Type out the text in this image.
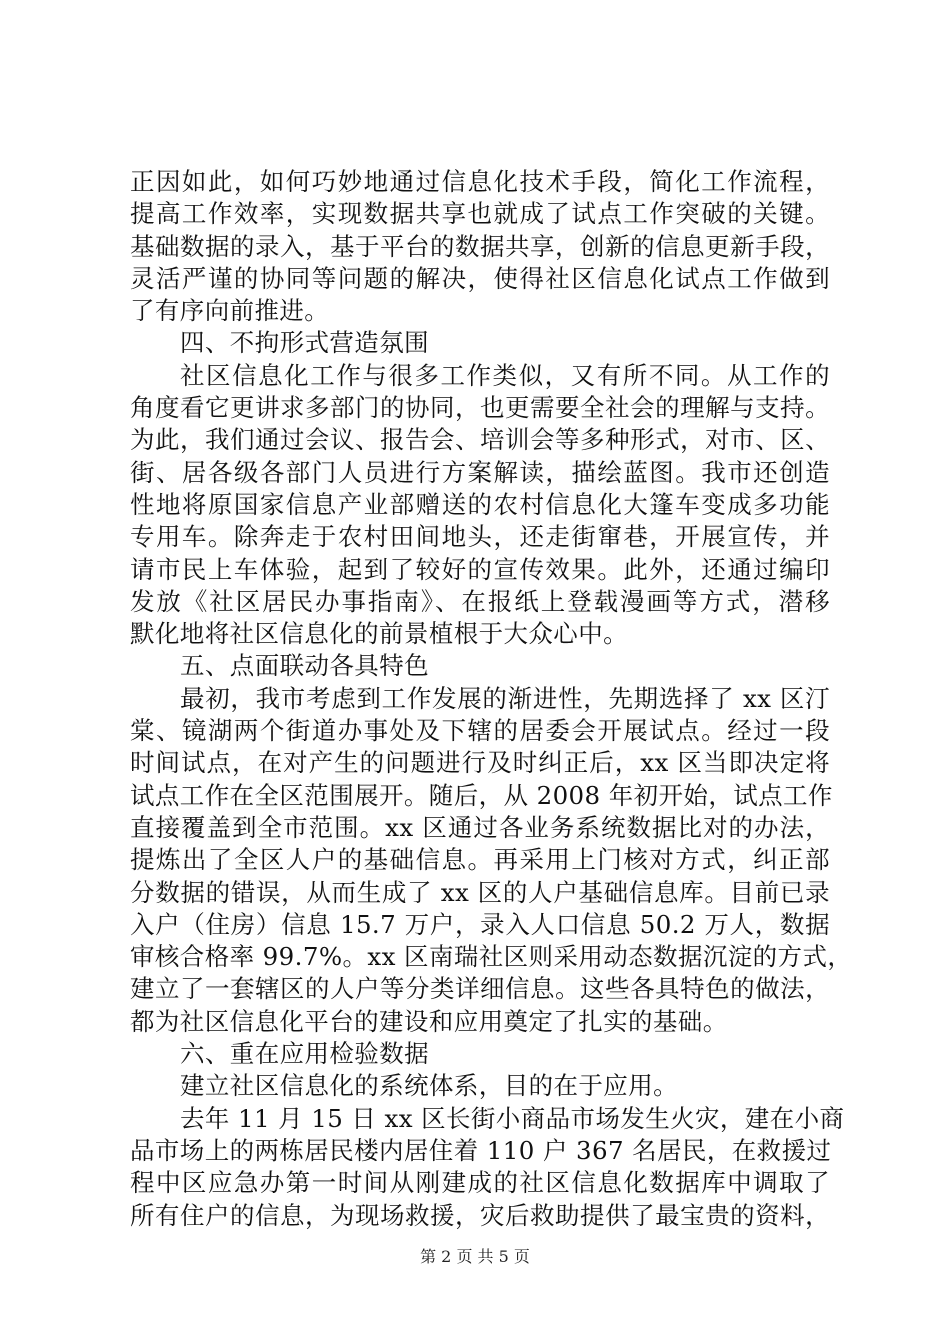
正因如此，如何巧妙地通过信息化技术手段，简化工作流程，
提高工作效率，实现数据共享也就成了试点工作突破的关键。
基础数据的录入，基于平台的数据共享，创新的信息更新手段，
灵活严谨的协同等问题的解决，使得社区信息化试点工作做到
了有序向前推进。
四、不拘形式营造氛围
社区信息化工作与很多工作类似，又有所不同。从工作的
角度看它更讲求多部门的协同，也更需要全社会的理解与支持。
为此，我们通过会议、报告会、培训会等多种形式，对市、区、
街、居各级各部门人员进行方案解读，描绘蓝图。我市还创造
性地将原国家信息产业部赠送的农村信息化大篷车变成多功能
专用车。除奔走于农村田间地头，还走街窜巷，开展宣传，并
请市民上车体验，起到了较好的宣传效果。此外，还通过编印
发放《社区居民办事指南》、在报纸上登载漫画等方式，潜移
默化地将社区信息化的前景植根于大众心中。
五、点面联动各具特色
最初，我市考虑到工作发展的渐进性，先期选择了 xx 区汀
棠、镜湖两个街道办事处及下辖的居委会开展试点。经过一段
时间试点，在对产生的问题进行及时纠正后，xx 区当即决定将
试点工作在全区范围展开。随后，从 2008 年初开始，试点工作
直接覆盖到全市范围。xx 区通过各业务系统数据比对的办法，
提炼出了全区人户的基础信息。再采用上门核对方式，纠正部
分数据的错误，从而生成了 xx 区的人户基础信息库。目前已录
入户（住房）信息 15.7 万户，录入人口信息 50.2 万人，数据
审核合格率 99.7%。xx 区南瑞社区则采用动态数据沉淀的方式，
建立了一套辖区的人户等分类详细信息。这些各具特色的做法，
都为社区信息化平台的建设和应用奠定了扎实的基础。
六、重在应用检验数据
建立社区信息化的系统体系，目的在于应用。
去年 11 月 15 日 xx 区长街小商品市场发生火灾，建在小商
品市场上的两栋居民楼内居住着 110 户 367 名居民，在救援过
程中区应急办第一时间从刚建成的社区信息化数据库中调取了
所有住户的信息，为现场救援，灾后救助提供了最宝贵的资料，
第 2 页 共 5 页
